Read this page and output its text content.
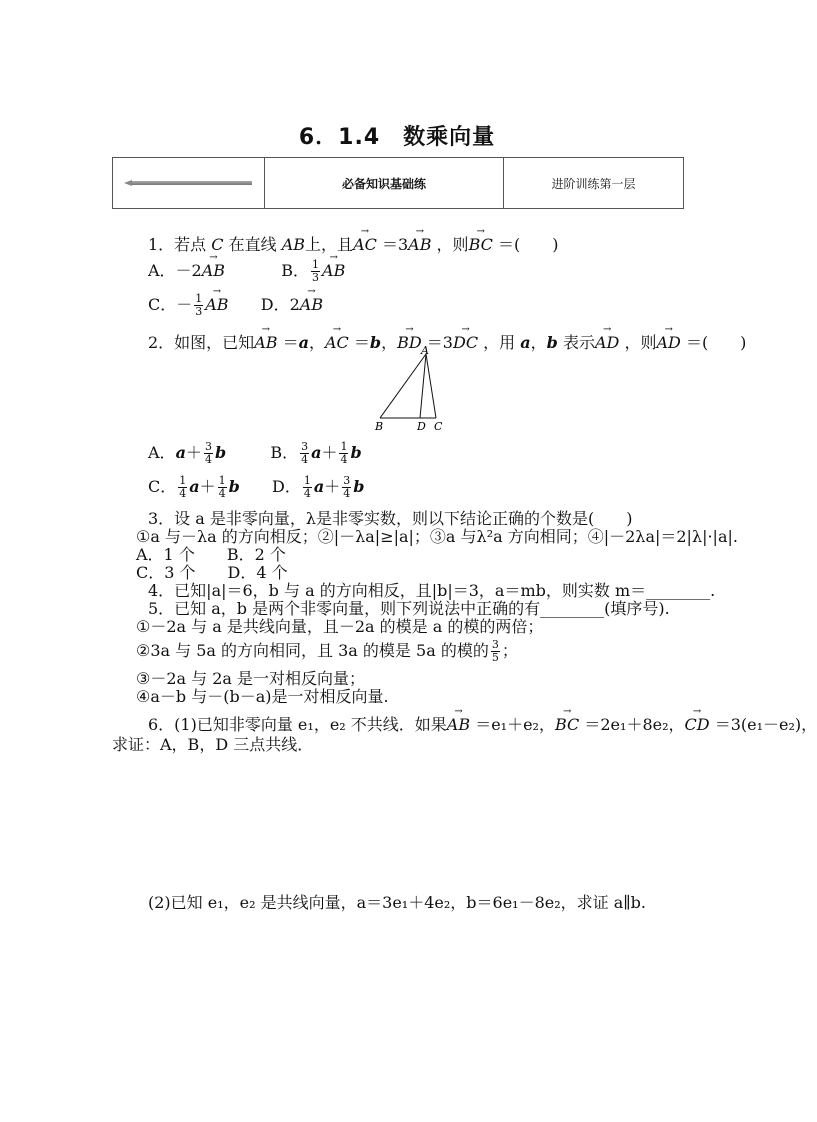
6．1.4　数乘向量
必备知识基础练	进阶训练第一层
1．若点 C 在直线 AB上，且→ AC ＝3→ AB ，则→ BC ＝(　　)
A．－2→ AB	B． $\frac{1}{3}$ → AB
C．－ $\frac{1}{3}$ → AB D．2→ AB
2．如图，已知→ AB ＝a，→ AC ＝b，→ BD ＝3→ DC ，用 a，b 表示→ AD ，则→ AD ＝(　　)
A
B	D C
A．$a+ \frac{3}{4}$ b	B． $\frac{3}{4} a+ \frac{1}{4}$ b
C． $\frac{1}{4} a+ \frac{1}{4}$ b D． $\frac{1}{4} a+ \frac{3}{4}$ b
3．设 a 是非零向量，λ是非零实数，则以下结论正确的个数是(　　)
①a 与－λa 的方向相反；②|－λa|≥|a|；③a 与λ²a 方向相同；④|－2λa|＝2|λ|·|a|.
A．1 个　　B．2 个
C．3 个　　D．4 个
4．已知|a|＝6，b 与 a 的方向相反，且|b|＝3，a＝mb，则实数 m＝________.
5．已知 a，b 是两个非零向量，则下列说法中正确的有________(填序号).
①－2a 与 a 是共线向量，且－2a 的模是 a 的模的两倍；
②3a 与 5a 的方向相同，且 3a 的模是 5a 的模的 $\frac{3}{5}$ ；
③－2a 与 2a 是一对相反向量；
④a－b 与－(b－a)是一对相反向量.
6．(1)已知非零向量 e₁，e₂ 不共线．如果→ AB ＝e₁＋e₂，→ BC ＝2e₁＋8e₂，→ CD ＝3(e₁－e₂)，
求证：A，B，D 三点共线．
(2)已知 e₁，e₂ 是共线向量，a＝3e₁＋4e₂，b＝6e₁－8e₂，求证 a∥b.
